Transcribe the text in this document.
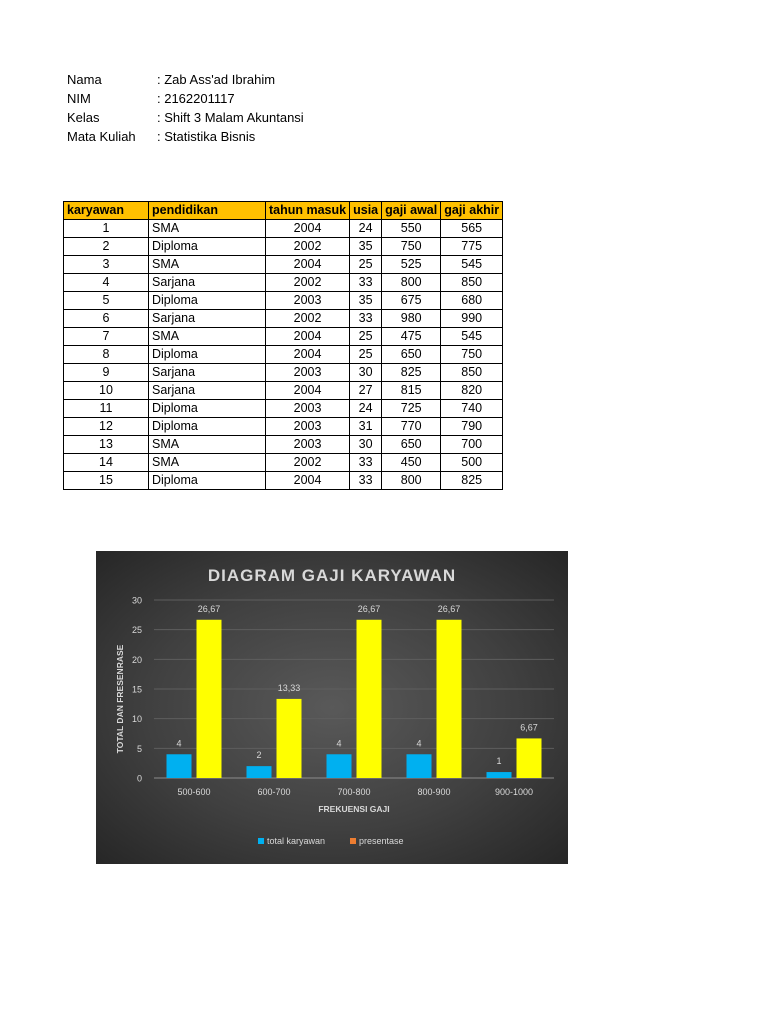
Nama	: Zab Ass'ad Ibrahim
NIM	: 2162201117
Kelas	: Shift 3 Malam Akuntansi
Mata Kuliah : Statistika Bisnis
karyawan	pendidikan	tahun masuk	usia	gaji awal	gaji akhir
1	SMA	2004	24	550	565
2	Diploma	2002	35	750	775
3	SMA	2004	25	525	545
4	Sarjana	2002	33	800	850
5	Diploma	2003	35	675	680
6	Sarjana	2002	33	980	990
7	SMA	2004	25	475	545
8	Diploma	2004	25	650	750
9	Sarjana	2003	30	825	850
10	Sarjana	2004	27	815	820
11	Diploma	2003	24	725	740
12	Diploma	2003	31	770	790
13	SMA	2003	30	650	700
14	SMA	2002	33	450	500
15	Diploma	2004	33	800	825
DIAGRAM GAJI KARYAWAN
0
5
10
15
20
25
30
4
26,67
500-600
2
13,33
600-700
4
26,67
700-800
4
26,67
800-900
1
6,67
900-1000
FREKUENSI GAJI
TOTAL DAN FRESENRASE
total karyawan	presentase
